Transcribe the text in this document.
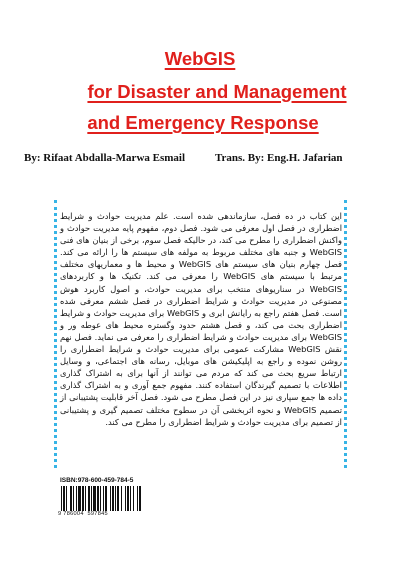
WebGIS
for Disaster and Management
and Emergency Response
By: Rifaat Abdalla-Marwa Esmail	Trans. By: Eng.H. Jafarian

این کتاب در ده فصل، سازماندهی شده است. علم مدیریت حوادث و شرایط اضطراری در فصل اول معرفی می شود. فصل دوم، مفهوم پایه مدیریت حوادث و واکنش اضطراری را مطرح می کند، در حالیکه فصل سوم، برخی از بنیان های فنی WebGIS و جنبه های مختلف مربوط به مولفه های سیستم ها را ارائه می کند. فصل چهارم بنیان های سیستم های WebGIS و محیط ها و معماریهای مختلف مرتبط با سیستم های WebGIS را معرفی می کند. تکنیک ها و کاربردهای WebGIS در سناریوهای منتخب برای مدیریت حوادث، و اصول کاربرد هوش مصنوعی در مدیریت حوادث و شرایط اضطراری در فصل ششم معرفی شده است. فصل هفتم راجع به رایانش ابری و WebGIS برای مدیریت حوادث و شرایط اضطراری بحث می کند، و فصل هشتم حدود وگستره محیط های عوطه ور و WebGIS برای مدیریت حوادث و شرایط اضطراری را معرفی می نماید. فصل نهم نقش WebGIS مشارکت عمومی برای مدیریت حوادث و شرایط اضطراری را روشن نموده و راجع به اپلیکیشن های موبایل، رسانه های اجتماعی، و وسایل ارتباط سریع بحث می کند که مردم می توانند از آنها برای به اشتراک گذاری اطلاعات با تصمیم گیرندگان استفاده کنند. مفهوم جمع آوری و به اشتراک گذاری داده ها جمع سپاری نیز در این فصل مطرح می شود. فصل آخر قابلیت پشتیبانی از تصمیم WebGIS و نحوه اثربخشی آن در سطوح مختلف تصمیم گیری و پشتیبانی از تصمیم برای مدیریت حوادث و شرایط اضطراری را مطرح می کند.

ISBN:978-600-459-784-5
9 786004 597845
